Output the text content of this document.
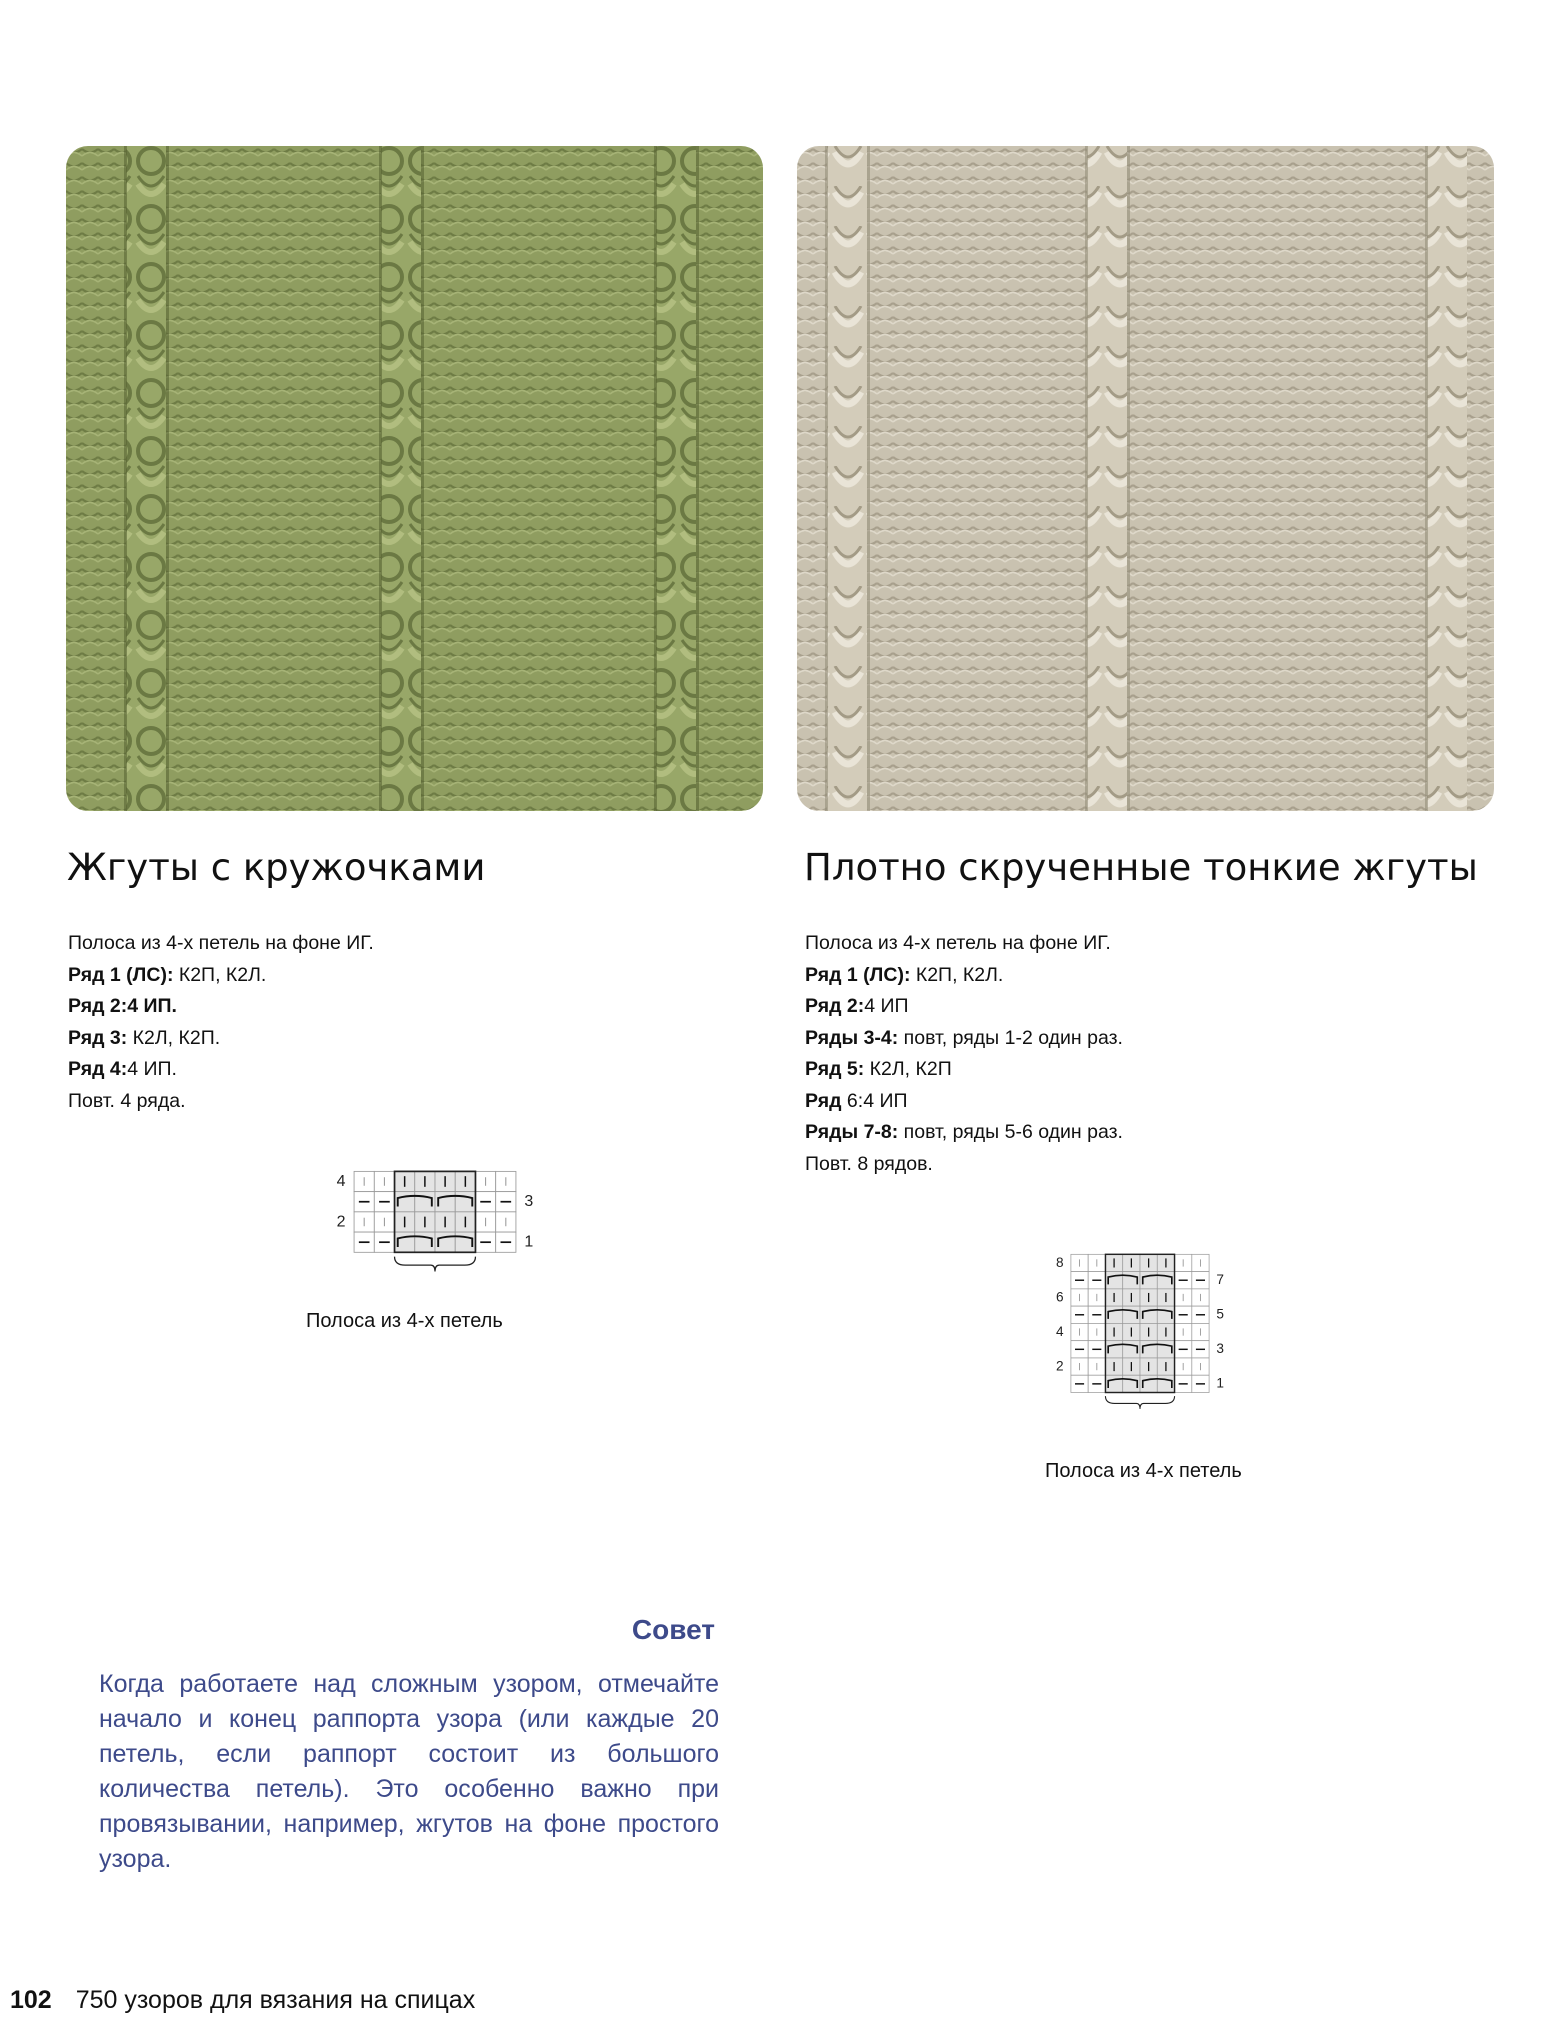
Жгуты с кружочками	Плотно скрученные тонкие жгуты
Полоса из 4-х петель на фоне ИГ.
Ряд 1 (ЛС): К2П, К2Л.
Ряд 2:4 ИП.
Ряд 3: К2Л, К2П.
Ряд 4:4 ИП.
Повт. 4 ряда.
Полоса из 4-х петель на фоне ИГ.
Ряд 1 (ЛС): К2П, К2Л.
Ряд 2:4 ИП
Ряды 3-4: повт, ряды 1-2 один раз.
Ряд 5: К2Л, К2П
Ряд 6:4 ИП
Ряды 7-8: повт, ряды 5-6 один раз.
Повт. 8 рядов.
4
2
3
1
8
6
4
2
7
5
3
1
Полоса из 4-х петель
Полоса из 4-х петель
Совет

Когда работаете над сложным узором, отмечайте начало и конец раппорта узора (или каждые 20 петель, если раппорт состоит из большого количества петель). Это особенно важно при провязывании, например, жгутов на фоне простого узора.

102 750 узоров для вязания на спицах
